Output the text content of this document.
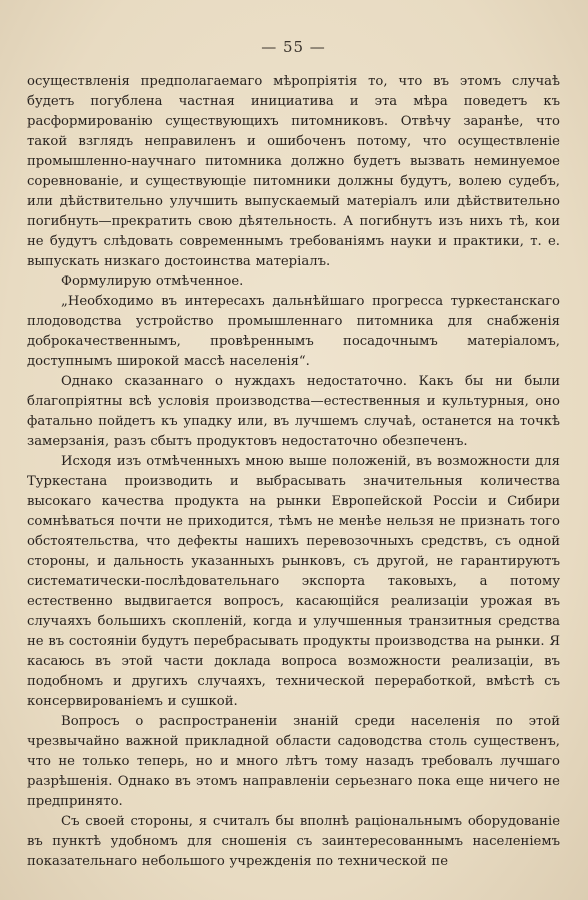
— 55 —

осуществленія предполагаемаго мѣропріятія то, что въ этомъ случаѣ будетъ погублена частная инициатива и эта мѣра поведетъ къ расформированію существующихъ питомниковъ. Отвѣчу заранѣе, что такой взглядъ неправиленъ и ошибоченъ потому, что осуществленіе промышленно-научнаго питомника должно будетъ вызвать неминуемое соревнованіе, и существующіе питомники должны будутъ, волею судебъ, или дѣйствительно улучшить выпускаемый матеріалъ или дѣйствительно погибнуть—прекратить свою дѣятельность. А погибнутъ изъ нихъ тѣ, кои не будутъ слѣдовать современнымъ требованіямъ науки и практики, т. е. выпускать низкаго достоинства матеріалъ.

Формулирую отмѣченное.

„Необходимо въ интересахъ дальнѣйшаго прогресса туркестанскаго плодоводства устройство промышленнаго питомника для снабженія доброкачественнымъ, провѣреннымъ посадочнымъ матеріаломъ, доступнымъ широкой массѣ населенія“.

Однако сказаннаго о нуждахъ недостаточно. Какъ бы ни были благопріятны всѣ условія производства—естественныя и культурныя, оно фатально пойдетъ къ упадку или, въ лучшемъ случаѣ, останется на точкѣ замерзанія, разъ сбытъ продуктовъ недостаточно обезпеченъ.

Исходя изъ отмѣченныхъ мною выше положеній, въ возможности для Туркестана производить и выбрасывать значительныя количества высокаго качества продукта на рынки Европейской Россіи и Сибири сомнѣваться почти не приходится, тѣмъ не менѣе нельзя не признать того обстоятельства, что дефекты нашихъ перевозочныхъ средствъ, съ одной стороны, и дальность указанныхъ рынковъ, съ другой, не гарантируютъ систематически-послѣдовательнаго экспорта таковыхъ, а потому естественно выдвигается вопросъ, касающійся реализаціи урожая въ случаяхъ большихъ скопленій, когда и улучшенныя транзитныя средства не въ состояніи будутъ перебрасывать продукты производства на рынки. Я касаюсь въ этой части доклада вопроса возможности реализаціи, въ подобномъ и другихъ случаяхъ, технической переработкой, вмѣстѣ съ консервированіемъ и сушкой.

Вопросъ о распространеніи знаній среди населенія по этой чрезвычайно важной прикладной области садоводства столь существенъ, что не только теперь, но и много лѣтъ тому назадъ требовалъ лучшаго разрѣшенія. Однако въ этомъ направленіи серьезнаго пока еще ничего не предпринято.

Съ своей стороны, я считалъ бы вполнѣ раціональнымъ оборудованіе въ пунктѣ удобномъ для сношенія съ заинтересованнымъ населеніемъ показательнаго небольшого учрежденія по технической пе
